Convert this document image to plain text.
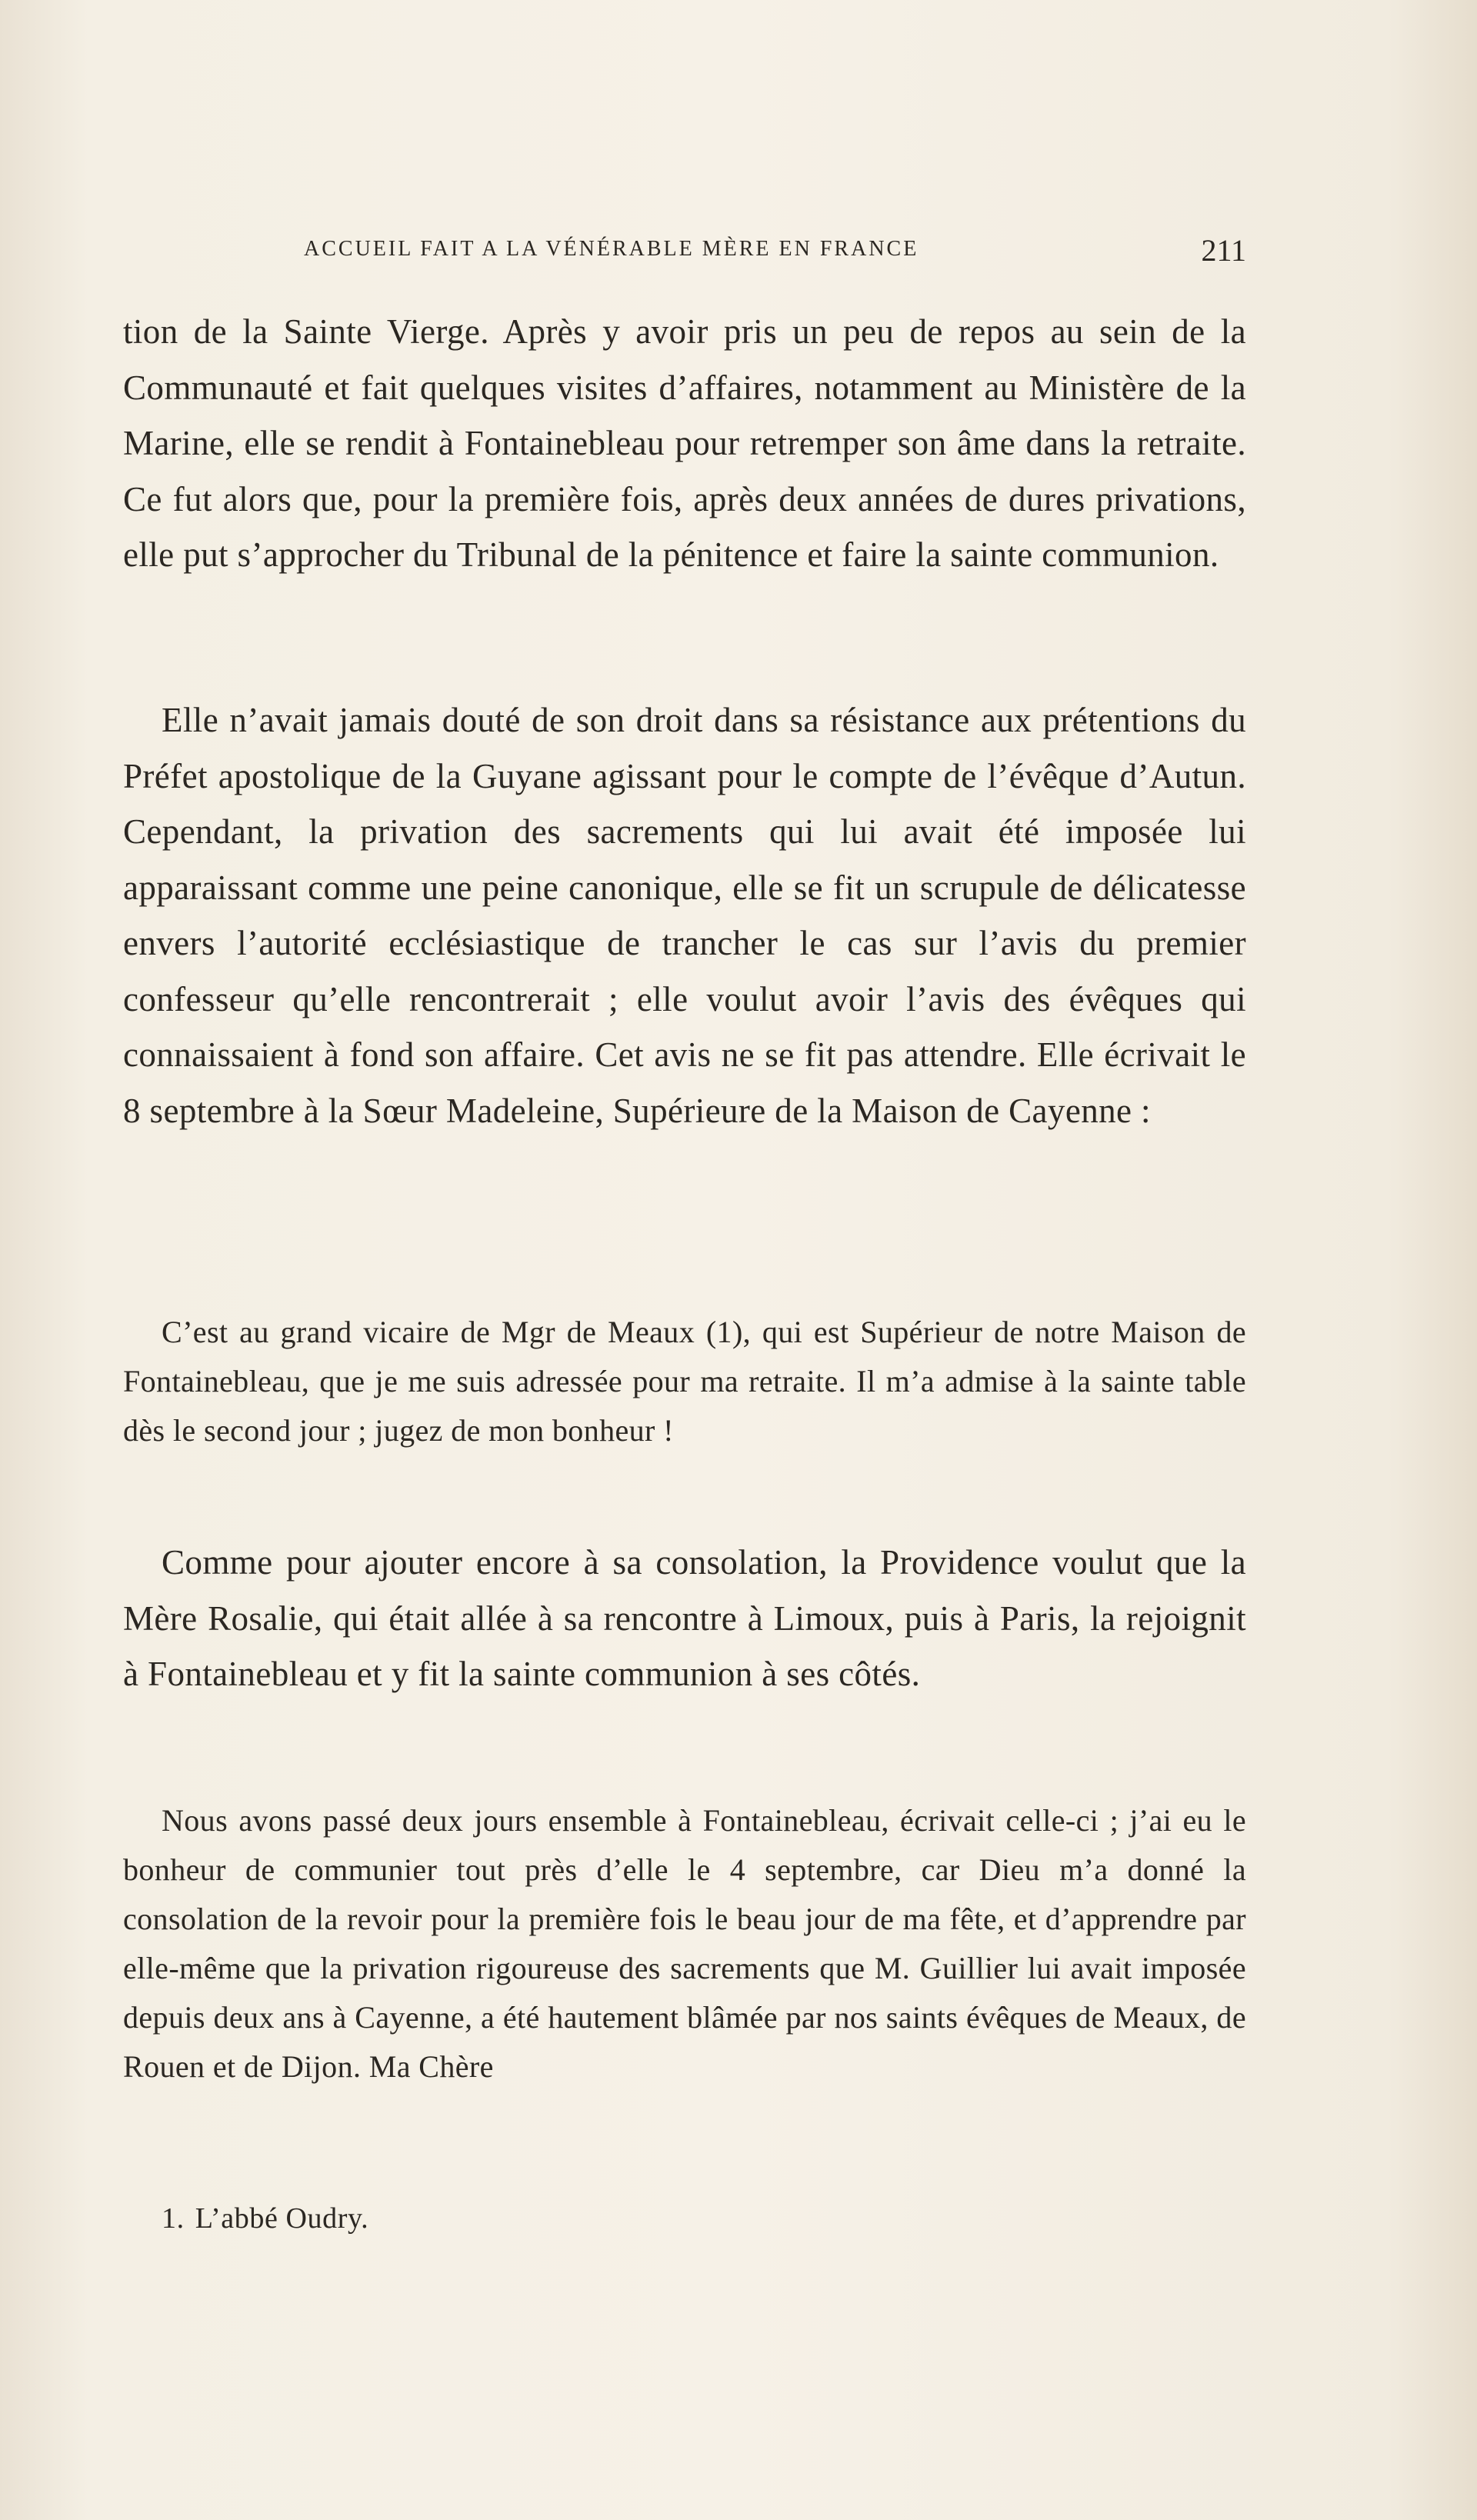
ACCUEIL FAIT A LA VÉNÉRABLE MÈRE EN FRANCE	211

tion de la Sainte Vierge. Après y avoir pris un peu de repos au sein de la Communauté et fait quelques visites d’affaires, notamment au Ministère de la Marine, elle se rendit à Fontainebleau pour retremper son âme dans la retraite. Ce fut alors que, pour la première fois, après deux années de dures privations, elle put s’approcher du Tribunal de la pénitence et faire la sainte communion.

Elle n’avait jamais douté de son droit dans sa résistance aux prétentions du Préfet apostolique de la Guyane agissant pour le compte de l’évêque d’Autun. Cependant, la privation des sacrements qui lui avait été imposée lui apparaissant comme une peine canonique, elle se fit un scrupule de délicatesse envers l’autorité ecclésiastique de trancher le cas sur l’avis du premier confesseur qu’elle rencontrerait ; elle voulut avoir l’avis des évêques qui connaissaient à fond son affaire. Cet avis ne se fit pas attendre. Elle écrivait le 8 septembre à la Sœur Madeleine, Supérieure de la Maison de Cayenne :

C’est au grand vicaire de Mgr de Meaux (1), qui est Supérieur de notre Maison de Fontainebleau, que je me suis adressée pour ma retraite. Il m’a admise à la sainte table dès le second jour ; jugez de mon bonheur !

Comme pour ajouter encore à sa consolation, la Providence voulut que la Mère Rosalie, qui était allée à sa rencontre à Limoux, puis à Paris, la rejoignit à Fontainebleau et y fit la sainte communion à ses côtés.

Nous avons passé deux jours ensemble à Fontainebleau, écrivait celle-ci ; j’ai eu le bonheur de communier tout près d’elle le 4 septembre, car Dieu m’a donné la consolation de la revoir pour la première fois le beau jour de ma fête, et d’apprendre par elle-même que la privation rigoureuse des sacrements que M. Guillier lui avait imposée depuis deux ans à Cayenne, a été hautement blâmée par nos saints évêques de Meaux, de Rouen et de Dijon. Ma Chère

1. L’abbé Oudry.
